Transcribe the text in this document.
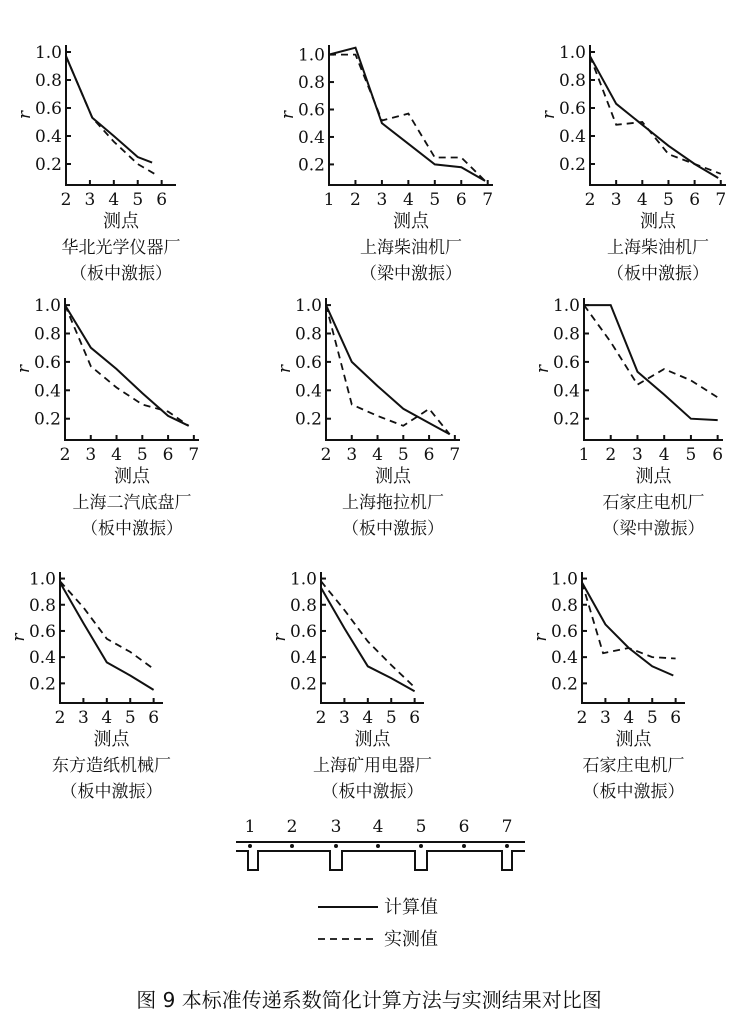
0.2
0.4
0.6
0.8
1.0
2 3 4 5 6
r
测点
华北光学仪器厂
（板中激振）
0.2
0.4
0.6
0.8
1.0
1 2 3 4 5 6 7
r
测点
上海柴油机厂
（梁中激振）
0.2
0.4
0.6
0.8
1.0
2 3 4 5 6 7
r
测点
上海柴油机厂
（板中激振）
0.2
0.4
0.6
0.8
1.0
2 3 4 5 6 7
r
测点
上海二汽底盘厂
（板中激振）
0.2
0.4
0.6
0.8
1.0
2 3 4 5 6 7
r
测点
上海拖拉机厂
（板中激振）
0.2
0.4
0.6
0.8
1.0
1 2 3 4 5 6
r
测点
石家庄电机厂
（梁中激振）
0.2
0.4
0.6
0.8
1.0
2 3 4 5 6
r
测点
东方造纸机械厂
（板中激振）
0.2
0.4
0.6
0.8
1.0
2 3 4 5 6
r
测点
上海矿用电器厂
（板中激振）
0.2
0.4
0.6
0.8
1.0
2 3 4 5 6
r
测点
石家庄电机厂
（板中激振）
1 2 3 4 5 6 7
计算值
实测值
图 9 本标准传递系数简化计算方法与实测结果对比图
